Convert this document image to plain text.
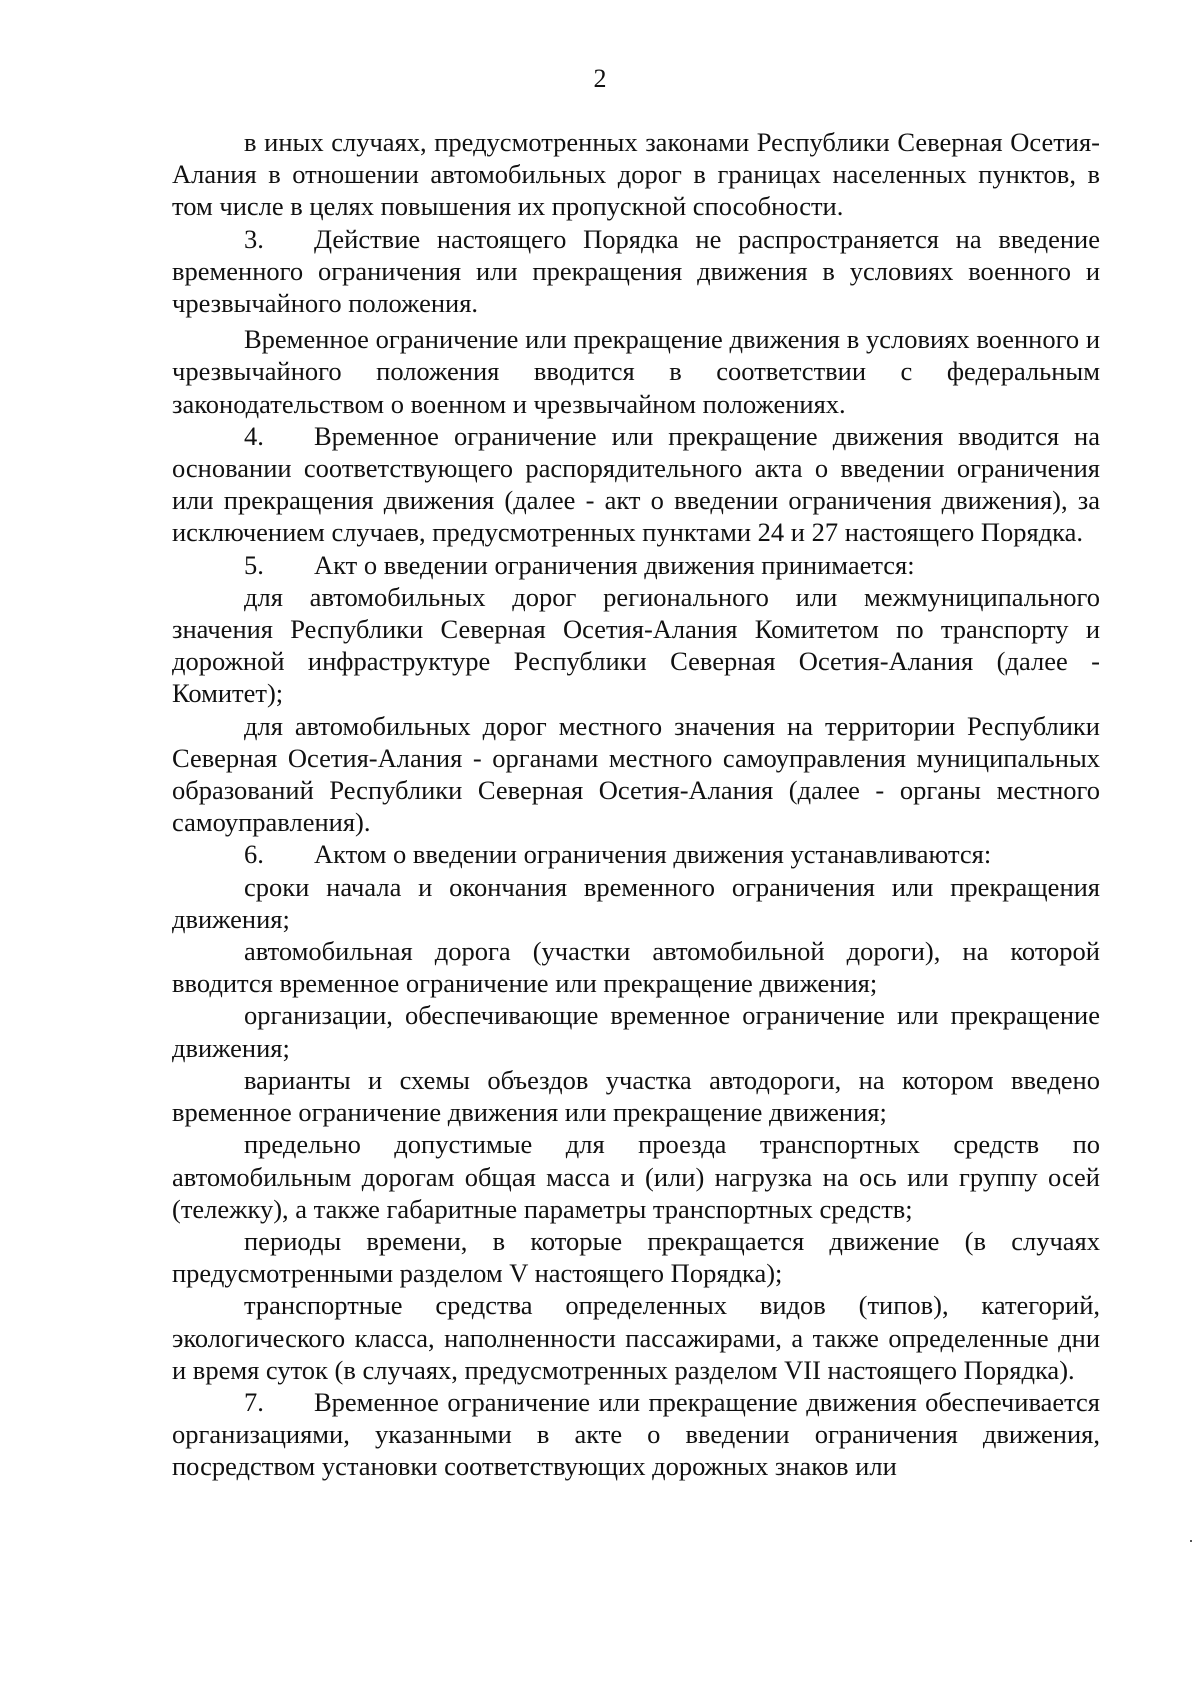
2

в иных случаях, предусмотренных законами Республики Северная Осетия-Алания в отношении автомобильных дорог в границах населенных пунктов, в том числе в целях повышения их пропускной способности.

3. Действие настоящего Порядка не распространяется на введение временного ограничения или прекращения движения в условиях военного и чрезвычайного положения.

Временное ограничение или прекращение движения в условиях военного и чрезвычайного положения вводится в соответствии с федеральным законодательством о военном и чрезвычайном положениях.

4. Временное ограничение или прекращение движения вводится на основании соответствующего распорядительного акта о введении ограничения или прекращения движения (далее - акт о введении ограничения движения), за исключением случаев, предусмотренных пунктами 24 и 27 настоящего Порядка.

5. Акт о введении ограничения движения принимается:

для автомобильных дорог регионального или межмуниципального значения Республики Северная Осетия-Алания Комитетом по транспорту и дорожной инфраструктуре Республики Северная Осетия-Алания (далее - Комитет);

для автомобильных дорог местного значения на территории Республики Северная Осетия-Алания - органами местного самоуправления муниципальных образований Республики Северная Осетия-Алания (далее - органы местного самоуправления).

6. Актом о введении ограничения движения устанавливаются:

сроки начала и окончания временного ограничения или прекращения движения;

автомобильная дорога (участки автомобильной дороги), на которой вводится временное ограничение или прекращение движения;

организации, обеспечивающие временное ограничение или прекращение движения;

варианты и схемы объездов участка автодороги, на котором введено временное ограничение движения или прекращение движения;

предельно допустимые для проезда транспортных средств по автомобильным дорогам общая масса и (или) нагрузка на ось или группу осей (тележку), а также габаритные параметры транспортных средств;

периоды времени, в которые прекращается движение (в случаях предусмотренными разделом V настоящего Порядка);

транспортные средства определенных видов (типов), категорий, экологического класса, наполненности пассажирами, а также определенные дни и время суток (в случаях, предусмотренных разделом VII настоящего Порядка).

7. Временное ограничение или прекращение движения обеспечивается организациями, указанными в акте о введении ограничения движения, посредством установки соответствующих дорожных знаков или
